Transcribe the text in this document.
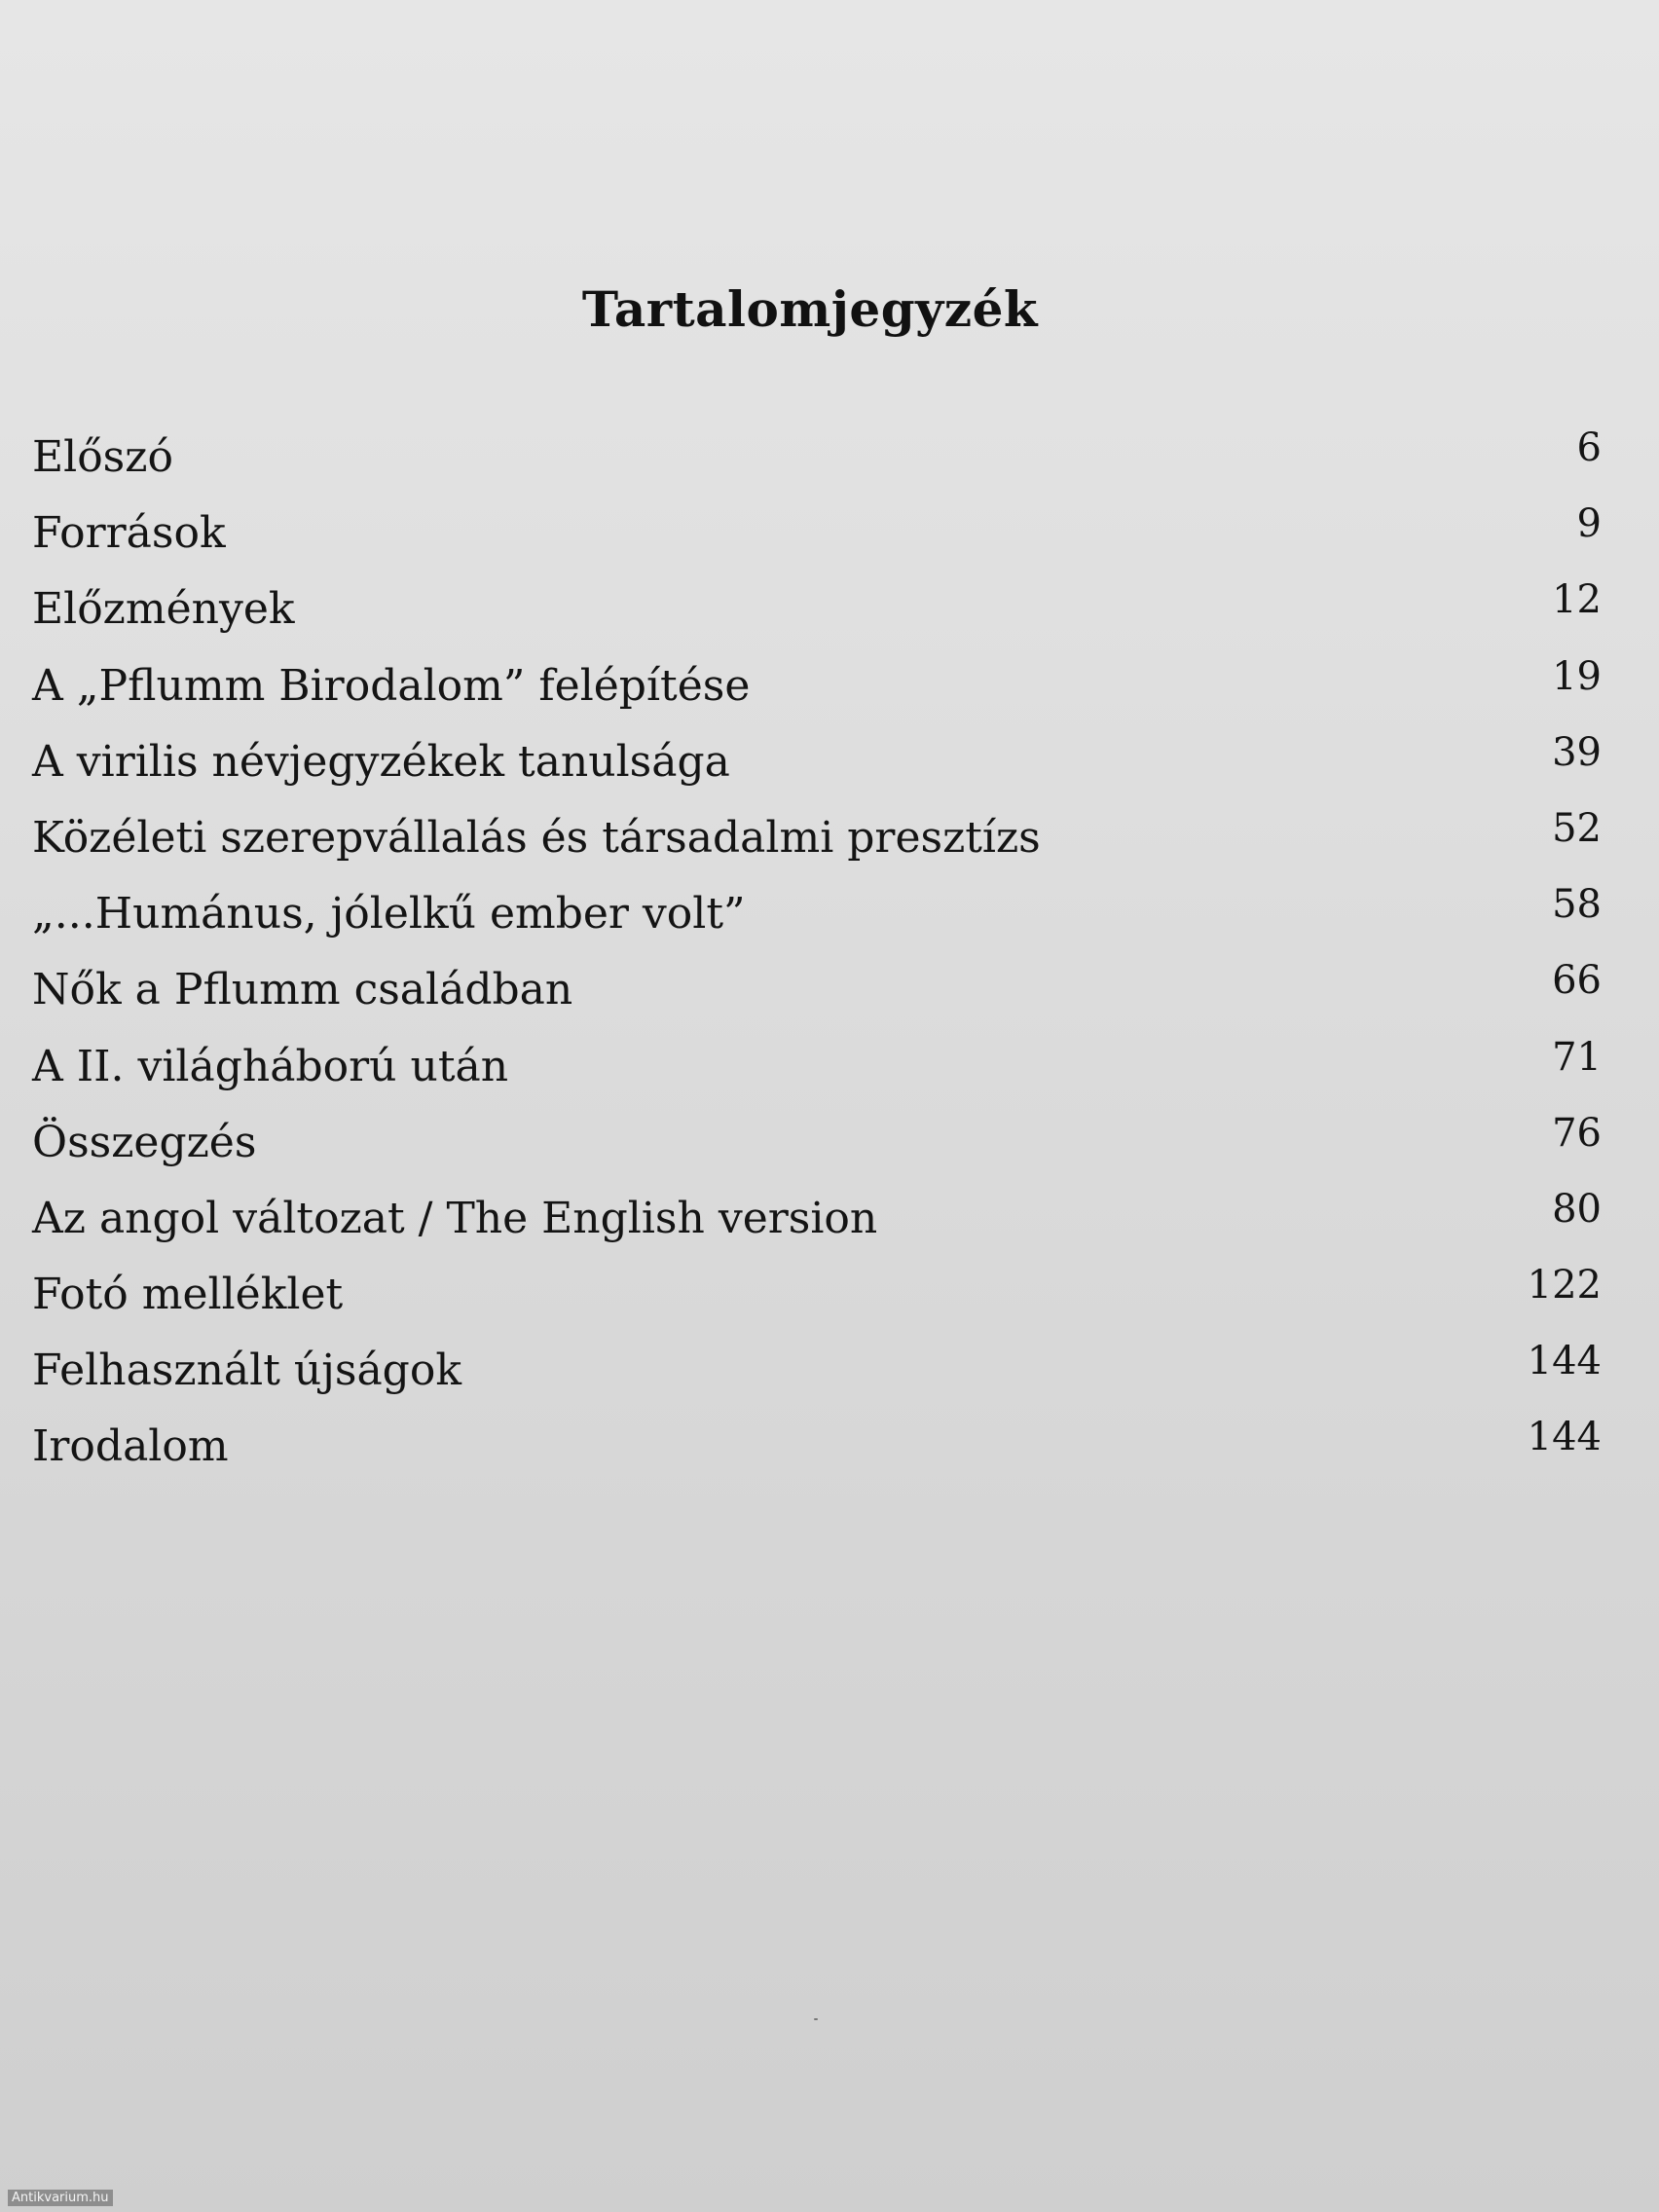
Tartalomjegyzék
Előszó	6
Források	9
Előzmények	12
A „Pflumm Birodalom” felépítése	19
A virilis névjegyzékek tanulsága	39
Közéleti szerepvállalás és társadalmi presztízs	52
„...Humánus, jólelkű ember volt”	58
Nők a Pflumm családban	66
A II. világháború után	71
Összegzés	76
Az angol változat / The English version	80
Fotó melléklet	122
Felhasznált újságok	144
Irodalom	144
Antikvarium.hu
